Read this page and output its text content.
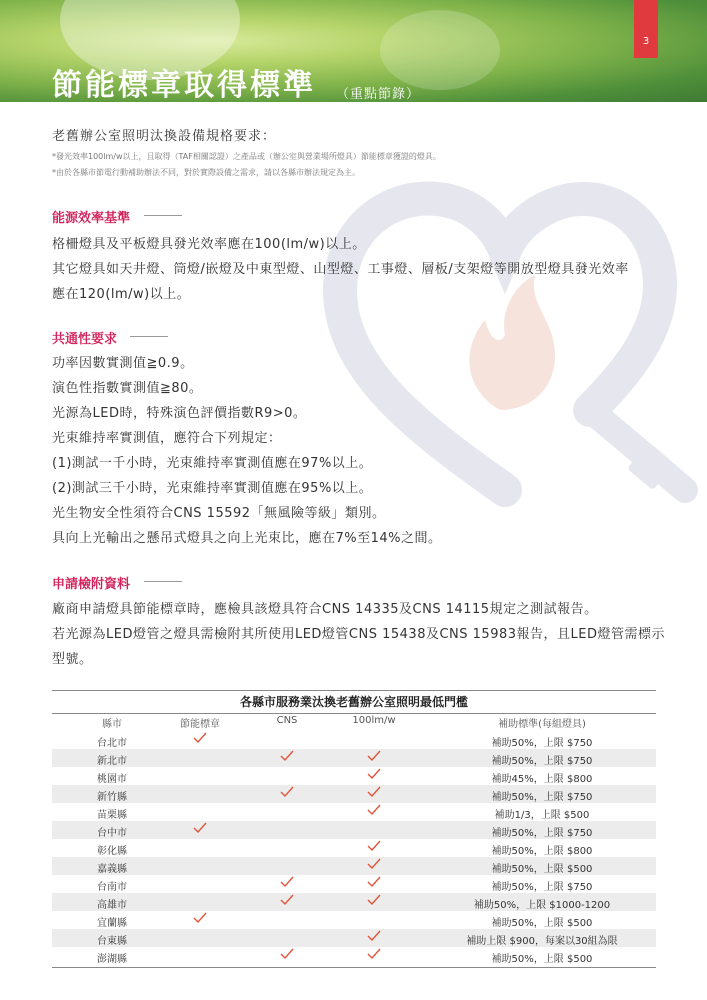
3
節能標章取得標準 （重點節錄）
老舊辦公室照明汰換設備規格要求：
*發光效率100lm/w以上，且取得（TAF相關認證）之產品或（辦公室與營業場所燈具）節能標章獲證的燈具。
*由於各縣市節電行動補助辦法不同，對於實際設備之需求，請以各縣市辦法規定為主。
能源效率基準
格柵燈具及平板燈具發光效率應在100(lm/w)以上。
其它燈具如天井燈、筒燈/嵌燈及中東型燈、山型燈、工事燈、層板/支架燈等開放型燈具發光效率
應在120(lm/w)以上。
共通性要求
功率因數實測值≧0.9。
演色性指數實測值≧80。
光源為LED時，特殊演色評價指數R9>0。
光束維持率實測值，應符合下列規定：
(1)測試一千小時，光束維持率實測值應在97%以上。
(2)測試三千小時，光束維持率實測值應在95%以上。
光生物安全性須符合CNS 15592「無風險等級」類別。
具向上光輸出之懸吊式燈具之向上光束比，應在7%至14%之間。
申請檢附資料
廠商申請燈具節能標章時，應檢具該燈具符合CNS 14335及CNS 14115規定之測試報告。
若光源為LED燈管之燈具需檢附其所使用LED燈管CNS 15438及CNS 15983報告，且LED燈管需標示
型號。
各縣市服務業汰換老舊辦公室照明最低門檻
縣市	節能標章	CNS	100lm/w	補助標準(每組燈具)
台北市	補助50%，上限 $750
新北市	補助50%，上限 $750
桃園市	補助45%，上限 $800
新竹縣	補助50%，上限 $750
苗栗縣	補助1/3，上限 $500
台中市	補助50%，上限 $750
彰化縣	補助50%，上限 $800
嘉義縣	補助50%，上限 $500
台南市	補助50%，上限 $750
高雄市	補助50%，上限 $1000-1200
宜蘭縣	補助50%，上限 $500
台東縣	補助上限 $900，每案以30組為限
澎湖縣	補助50%，上限 $500
